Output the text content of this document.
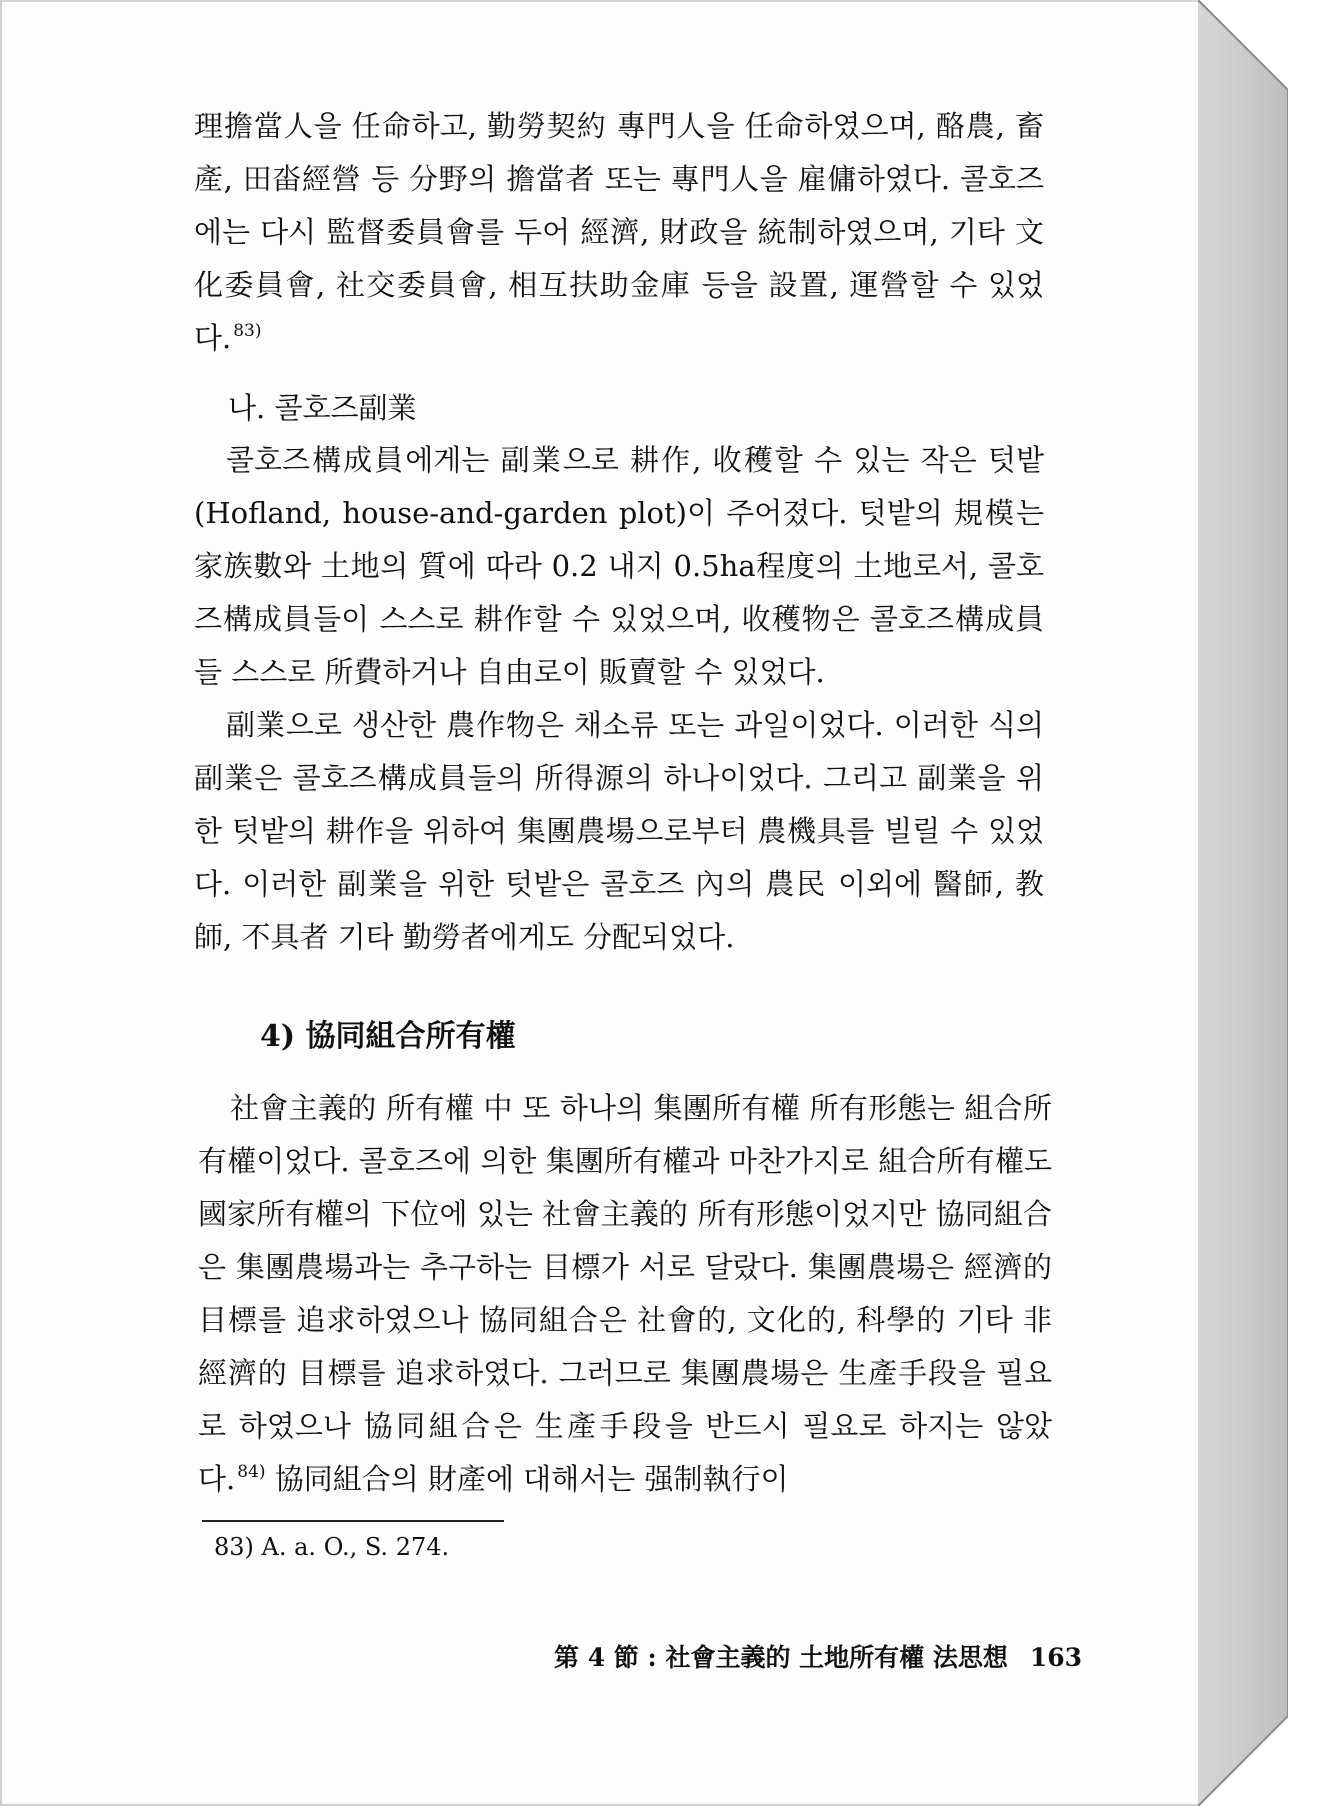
理擔當人을 任命하고, 勤勞契約 專門人을 任命하였으며, 酪農, 畜產, 田畓經營 등 分野의 擔當者 또는 專門人을 雇傭하였다. 콜호즈에는 다시 監督委員會를 두어 經濟, 財政을 統制하였으며, 기타 文化委員會, 社交委員會, 相互扶助金庫 등을 設置, 運營할 수 있었다. $^{83)}$

나. 콜호즈副業

콜호즈構成員에게는 副業으로 耕作, 收穫할 수 있는 작은 텃밭(Hofland, house-and-garden plot)이 주어졌다. 텃밭의 規模는 家族數와 土地의 質에 따라 0.2 내지 0.5ha程度의 土地로서, 콜호즈構成員들이 스스로 耕作할 수 있었으며, 收穫物은 콜호즈構成員들 스스로 所費하거나 自由로이 販賣할 수 있었다.

副業으로 생산한 農作物은 채소류 또는 과일이었다. 이러한 식의 副業은 콜호즈構成員들의 所得源의 하나이었다. 그리고 副業을 위한 텃밭의 耕作을 위하여 集團農場으로부터 農機具를 빌릴 수 있었다. 이러한 副業을 위한 텃밭은 콜호즈 內의 農民 이외에 醫師, 教師, 不具者 기타 勤勞者에게도 分配되었다.

4) 協同組合所有權

社會主義的 所有權 中 또 하나의 集團所有權 所有形態는 組合所有權이었다. 콜호즈에 의한 集團所有權과 마찬가지로 組合所有權도 國家所有權의 下位에 있는 社會主義的 所有形態이었지만 協同組合은 集團農場과는 추구하는 目標가 서로 달랐다. 集團農場은 經濟的 目標를 追求하였으나 協同組合은 社會的, 文化的, 科學的 기타 非經濟的 目標를 追求하였다. 그러므로 集團農場은 生產手段을 필요로 하였으나 協同組合은 生產手段을 반드시 필요로 하지는 않았다. $^{84)}$ 協同組合의 財產에 대해서는 强制執行이

83) A. a. O., S. 274.
第 4 節 : 社會主義的 土地所有權 法思想 163
